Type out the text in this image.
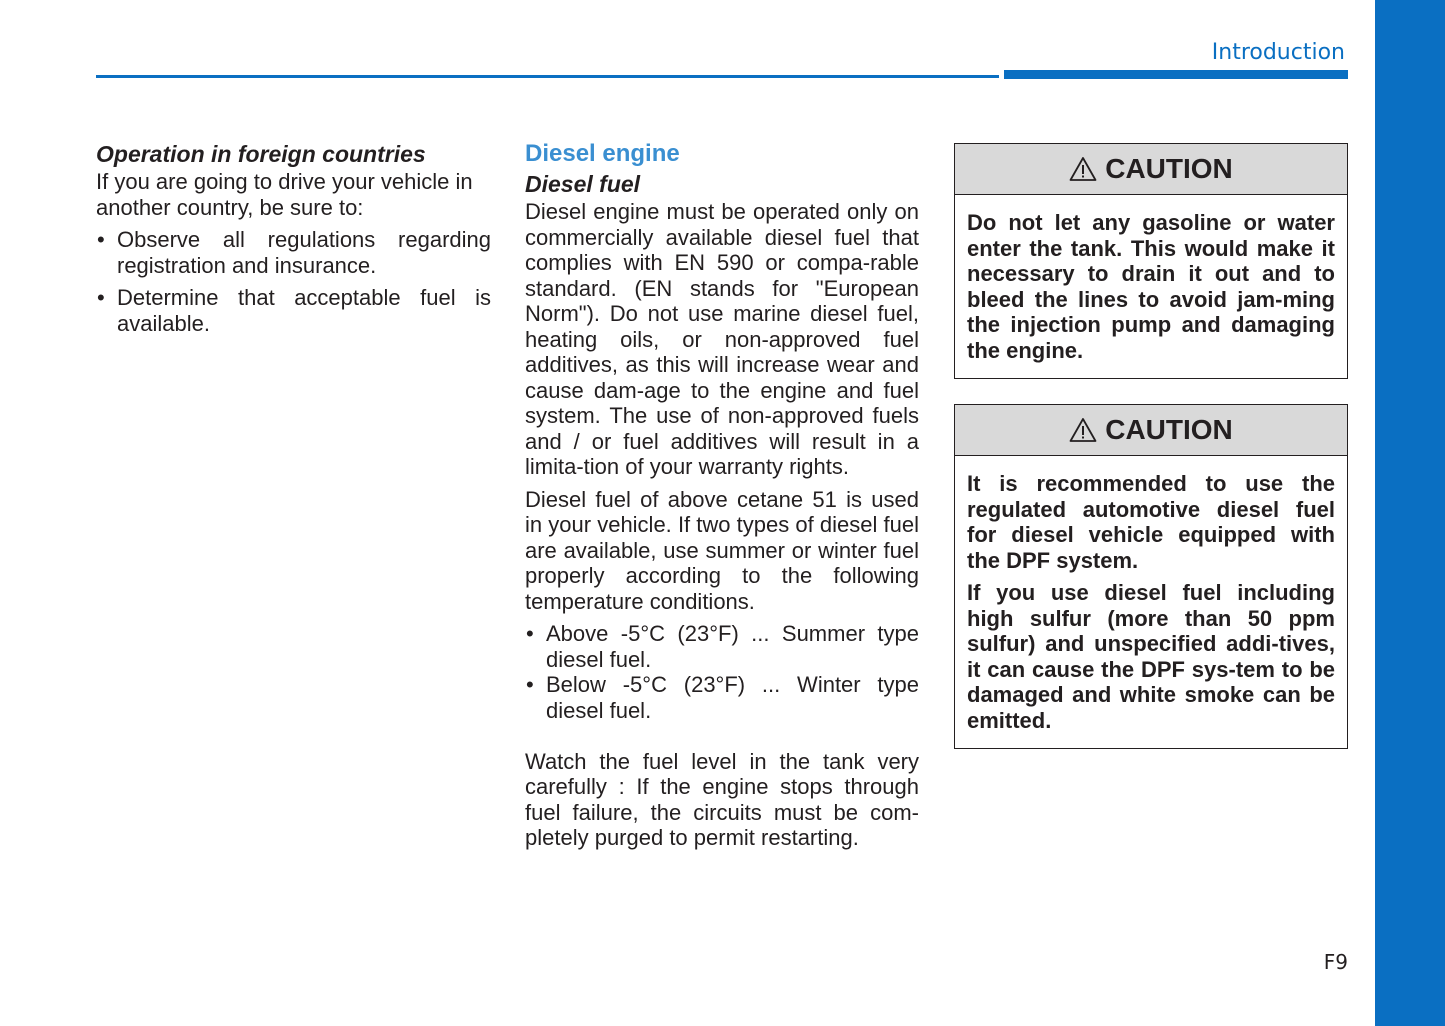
Introduction
Operation in foreign countries

If you are going to drive your vehicle in another country, be sure to:

• Observe all regulations regarding registration and insurance.
• Determine that acceptable fuel is available.
Diesel engine
Diesel fuel

Diesel engine must be operated only on commercially available diesel fuel that complies with EN 590 or compa-rable standard. (EN stands for "European Norm"). Do not use marine diesel fuel, heating oils, or non-approved fuel additives, as this will increase wear and cause dam-age to the engine and fuel system. The use of non-approved fuels and / or fuel additives will result in a limita-tion of your warranty rights.

Diesel fuel of above cetane 51 is used in your vehicle. If two types of diesel fuel are available, use summer or winter fuel properly according to the following temperature conditions.

• Above -5°C (23°F) ... Summer type diesel fuel.
• Below -5°C (23°F) ... Winter type diesel fuel.

Watch the fuel level in the tank very carefully : If the engine stops through fuel failure, the circuits must be com-pletely purged to permit restarting.

CAUTION

Do not let any gasoline or water enter the tank. This would make it necessary to drain it out and to bleed the lines to avoid jam-ming the injection pump and damaging the engine.

CAUTION

It is recommended to use the regulated automotive diesel fuel for diesel vehicle equipped with the DPF system.

If you use diesel fuel including high sulfur (more than 50 ppm sulfur) and unspecified addi-tives, it can cause the DPF sys-tem to be damaged and white smoke can be emitted.

F9
